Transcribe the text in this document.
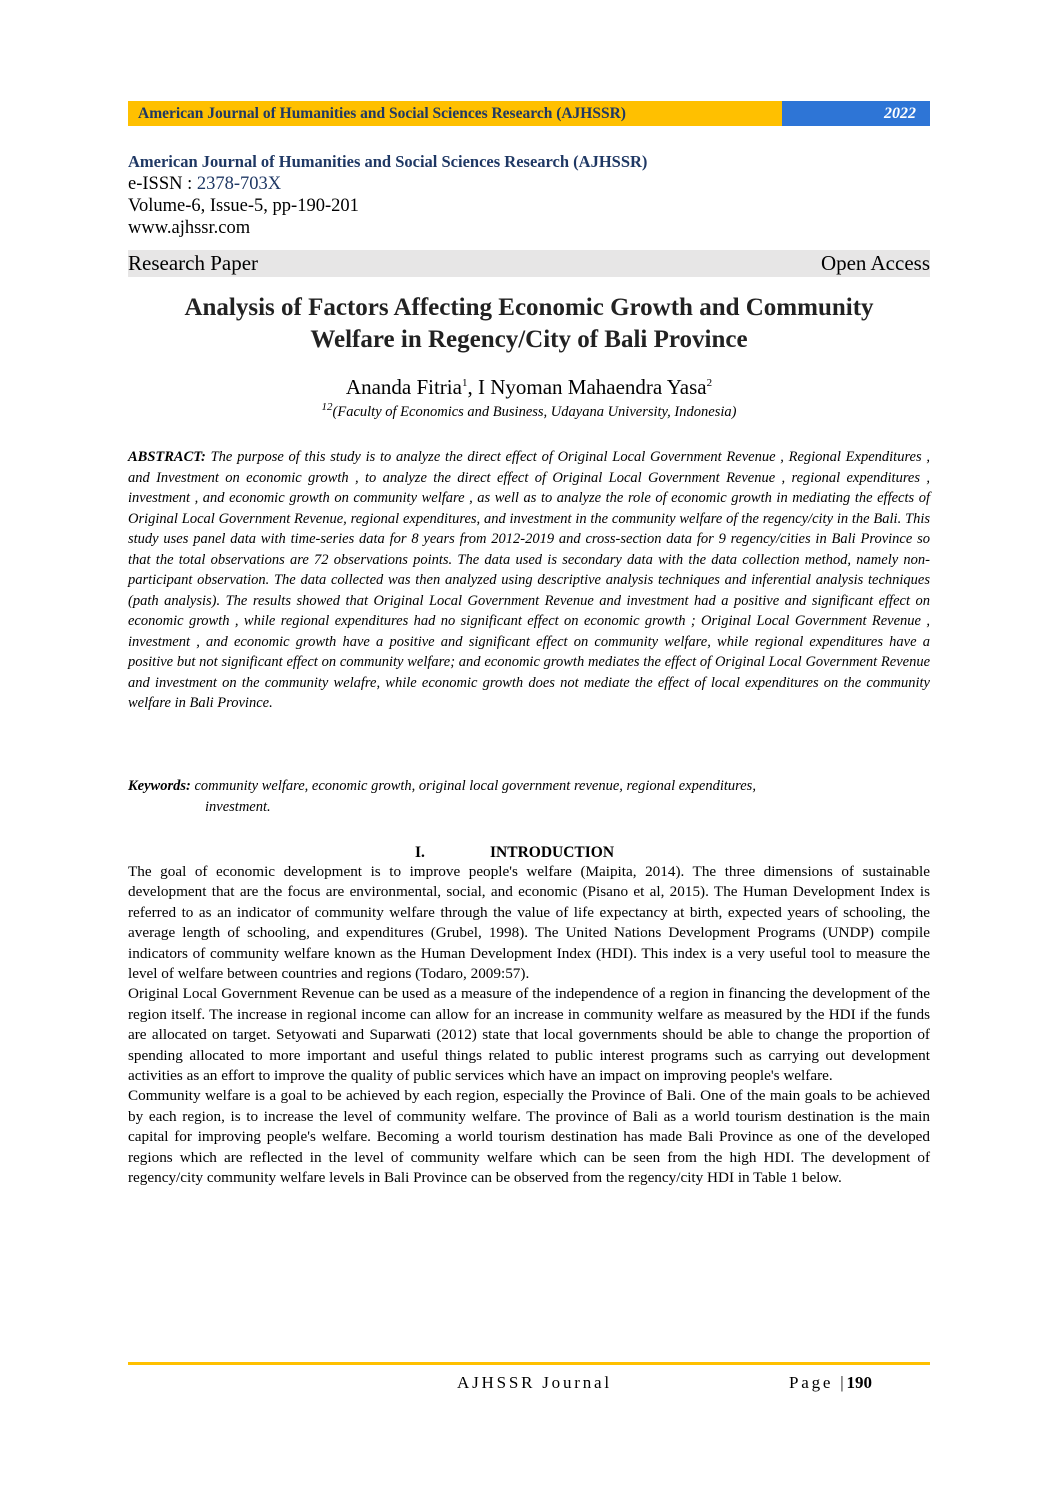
American Journal of Humanities and Social Sciences Research (AJHSSR)	2022
American Journal of Humanities and Social Sciences Research (AJHSSR)
e-ISSN : 2378-703X
Volume-6, Issue-5, pp-190-201
www.ajhssr.com
Research Paper	Open Access
Analysis of Factors Affecting Economic Growth and Community
Welfare in Regency/City of Bali Province
Ananda Fitria$^1$, I Nyoman Mahaendra Yasa$^2$
$^{12}$(Faculty of Economics and Business, Udayana University, Indonesia)
ABSTRACT: The purpose of this study is to analyze the direct effect of Original Local Government Revenue , Regional Expenditures , and Investment on economic growth , to analyze the direct effect of Original Local Government Revenue , regional expenditures , investment , and economic growth on community welfare , as well as to analyze the role of economic growth in mediating the effects of Original Local Government Revenue, regional expenditures, and investment in the community welfare of the regency/city in the Bali. This study uses panel data with time-series data for 8 years from 2012-2019 and cross-section data for 9 regency/cities in Bali Province so that the total observations are 72 observations points. The data used is secondary data with the data collection method, namely non-participant observation. The data collected was then analyzed using descriptive analysis techniques and inferential analysis techniques (path analysis). The results showed that Original Local Government Revenue and investment had a positive and significant effect on economic growth , while regional expenditures had no significant effect on economic growth ; Original Local Government Revenue , investment , and economic growth have a positive and significant effect on community welfare, while regional expenditures have a positive but not significant effect on community welfare; and economic growth mediates the effect of Original Local Government Revenue and investment on the community welafre, while economic growth does not mediate the effect of local expenditures on the community welfare in Bali Province.
Keywords: community welfare, economic growth, original local government revenue, regional expenditures,
investment.
I.	INTRODUCTION

The goal of economic development is to improve people's welfare (Maipita, 2014). The three dimensions of sustainable development that are the focus are environmental, social, and economic (Pisano et al, 2015). The Human Development Index is referred to as an indicator of community welfare through the value of life expectancy at birth, expected years of schooling, the average length of schooling, and expenditures (Grubel, 1998). The United Nations Development Programs (UNDP) compile indicators of community welfare known as the Human Development Index (HDI). This index is a very useful tool to measure the level of welfare between countries and regions (Todaro, 2009:57).

Original Local Government Revenue can be used as a measure of the independence of a region in financing the development of the region itself. The increase in regional income can allow for an increase in community welfare as measured by the HDI if the funds are allocated on target. Setyowati and Suparwati (2012) state that local governments should be able to change the proportion of spending allocated to more important and useful things related to public interest programs such as carrying out development activities as an effort to improve the quality of public services which have an impact on improving people's welfare.

Community welfare is a goal to be achieved by each region, especially the Province of Bali. One of the main goals to be achieved by each region, is to increase the level of community welfare. The province of Bali as a world tourism destination is the main capital for improving people's welfare. Becoming a world tourism destination has made Bali Province as one of the developed regions which are reflected in the level of community welfare which can be seen from the high HDI. The development of regency/city community welfare levels in Bali Province can be observed from the regency/city HDI in Table 1 below.

AJHSSR Journal	Page |190
